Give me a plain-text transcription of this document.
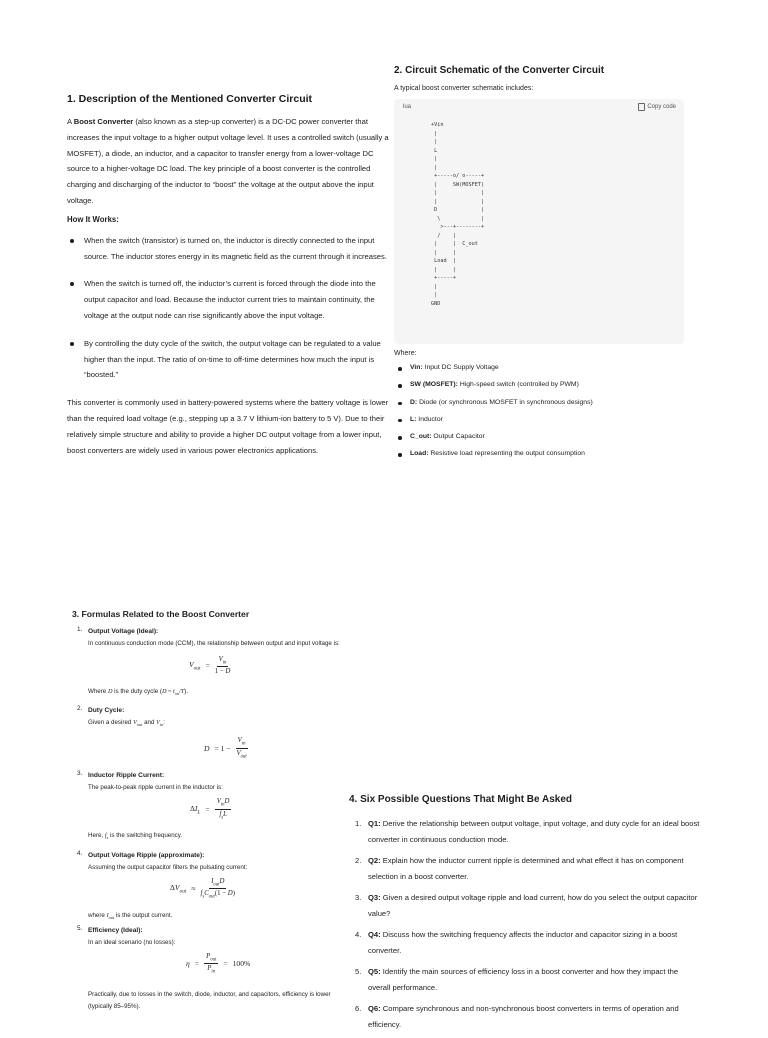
1. Description of the Mentioned Converter Circuit

A Boost Converter (also known as a step-up converter) is a DC-DC power converter that increases the input voltage to a higher output voltage level. It uses a controlled switch (usually a MOSFET), a diode, an inductor, and a capacitor to transfer energy from a lower-voltage DC source to a higher-voltage DC load. The key principle of a boost converter is the controlled charging and discharging of the inductor to “boost” the voltage at the output above the input voltage.

How It Works:
When the switch (transistor) is turned on, the inductor is directly connected to the input source. The inductor stores energy in its magnetic field as the current through it increases.
When the switch is turned off, the inductor’s current is forced through the diode into the output capacitor and load. Because the inductor current tries to maintain continuity, the voltage at the output node can rise significantly above the input voltage.
By controlling the duty cycle of the switch, the output voltage can be regulated to a value higher than the input. The ratio of on-time to off-time determines how much the input is “boosted.”

This converter is commonly used in battery-powered systems where the battery voltage is lower than the required load voltage (e.g., stepping up a 3.7 V lithium-ion battery to 5 V). Due to their relatively simple structure and ability to provide a higher DC output voltage from a lower input, boost converters are widely used in various power electronics applications.

2. Circuit Schematic of the Converter Circuit
A typical boost converter schematic includes:
lua	Copy code
+Vin
|
|
L
|
|
+-----o/ o-----+
|     SW(MOSFET)
|              |
|              |
D              |
\             |
>---+--------+
/    |
|     |  C_out
|     |
Load  |
|     |
+-----+
|
|
GND
Where:
Vin: Input DC Supply Voltage
SW (MOSFET): High-speed switch (controlled by PWM)
D: Diode (or synchronous MOSFET in synchronous designs)
L: Inductor
C_out: Output Capacitor
Load: Resistive load representing the output consumption
3. Formulas Related to the Boost Converter
1. Output Voltage (Ideal):
In continuous conduction mode (CCM), the relationship between output and input voltage is:
$V_{out} = \frac{V_{in}}{1 - D}$
Where D is the duty cycle $(D = t_{on}/T)$.
2. Duty Cycle:
Given a desired $V_{out}$ and $V_{in}$:
$D = 1 - \frac{V_{in}}{V_{out}}$
3. Inductor Ripple Current:
The peak-to-peak ripple current in the inductor is:
$\Delta I_L = \frac{V_{in}D}{f_sL}$
Here, $f_s$ is the switching frequency.
4. Output Voltage Ripple (approximate):
Assuming the output capacitor filters the pulsating current:
$\Delta V_{out} \approx \frac{I_{out}D}{f_sC_{out}(1 - D)}$
where $I_{out}$ is the output current.
5. Efficiency (Ideal):
In an ideal scenario (no losses):
$\eta = \frac{P_{out}}{P_{in}} = 100\%$
Practically, due to losses in the switch, diode, inductor, and capacitors, efficiency is lower (typically 85–95%).
4. Six Possible Questions That Might Be Asked
1. Q1: Derive the relationship between output voltage, input voltage, and duty cycle for an ideal boost converter in continuous conduction mode.
2. Q2: Explain how the inductor current ripple is determined and what effect it has on component selection in a boost converter.
3. Q3: Given a desired output voltage ripple and load current, how do you select the output capacitor value?
4. Q4: Discuss how the switching frequency affects the inductor and capacitor sizing in a boost converter.
5. Q5: Identify the main sources of efficiency loss in a boost converter and how they impact the overall performance.
6. Q6: Compare synchronous and non-synchronous boost converters in terms of operation and efficiency.
